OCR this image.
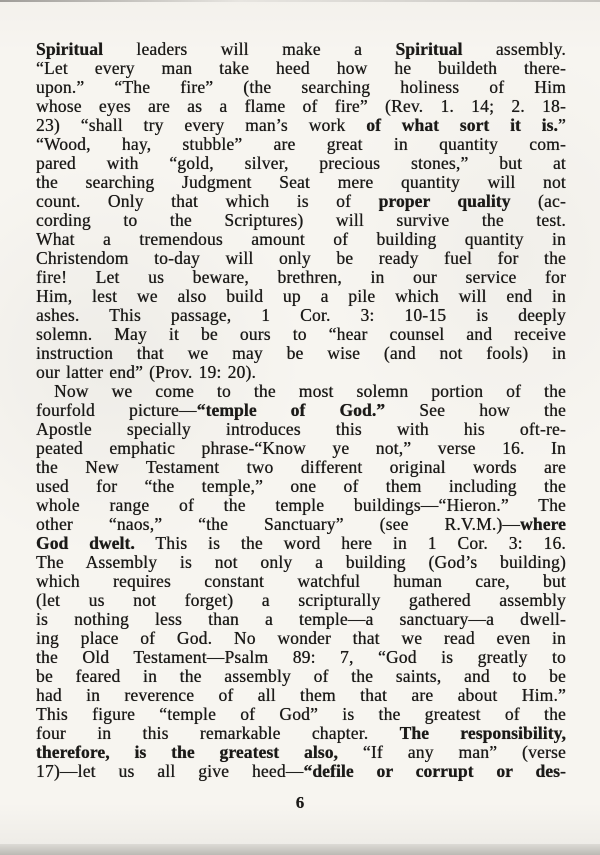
Spiritual leaders will make a Spiritual assembly.
“Let every man take heed how he buildeth there-
upon.” “The fire” (the searching holiness of Him
whose eyes are as a flame of fire” (Rev. 1. 14; 2. 18-
23) “shall try every man’s work of what sort it is.”
“Wood, hay, stubble” are great in quantity com-
pared with “gold, silver, precious stones,” but at
the searching Judgment Seat mere quantity will not
count. Only that which is of proper quality (ac-
cording to the Scriptures) will survive the test.
What a tremendous amount of building quantity in
Christendom to-day will only be ready fuel for the
fire! Let us beware, brethren, in our service for
Him, lest we also build up a pile which will end in
ashes. This passage, 1 Cor. 3: 10-15 is deeply
solemn. May it be ours to “hear counsel and receive
instruction that we may be wise (and not fools) in
our latter end” (Prov. 19: 20).
Now we come to the most solemn portion of the
fourfold picture—“temple of God.” See how the
Apostle specially introduces this with his oft-re-
peated emphatic phrase-“Know ye not,” verse 16. In
the New Testament two different original words are
used for “the temple,” one of them including the
whole range of the temple buildings—“Hieron.” The
other “naos,” “the Sanctuary” (see R.V.M.)—where
God dwelt. This is the word here in 1 Cor. 3: 16.
The Assembly is not only a building (God’s building)
which requires constant watchful human care, but
(let us not forget) a scripturally gathered assembly
is nothing less than a temple—a sanctuary—a dwell-
ing place of God. No wonder that we read even in
the Old Testament—Psalm 89: 7, “God is greatly to
be feared in the assembly of the saints, and to be
had in reverence of all them that are about Him.”
This figure “temple of God” is the greatest of the
four in this remarkable chapter. The responsibility,
therefore, is the greatest also, “If any man” (verse
17)—let us all give heed—“defile or corrupt or des-
6
